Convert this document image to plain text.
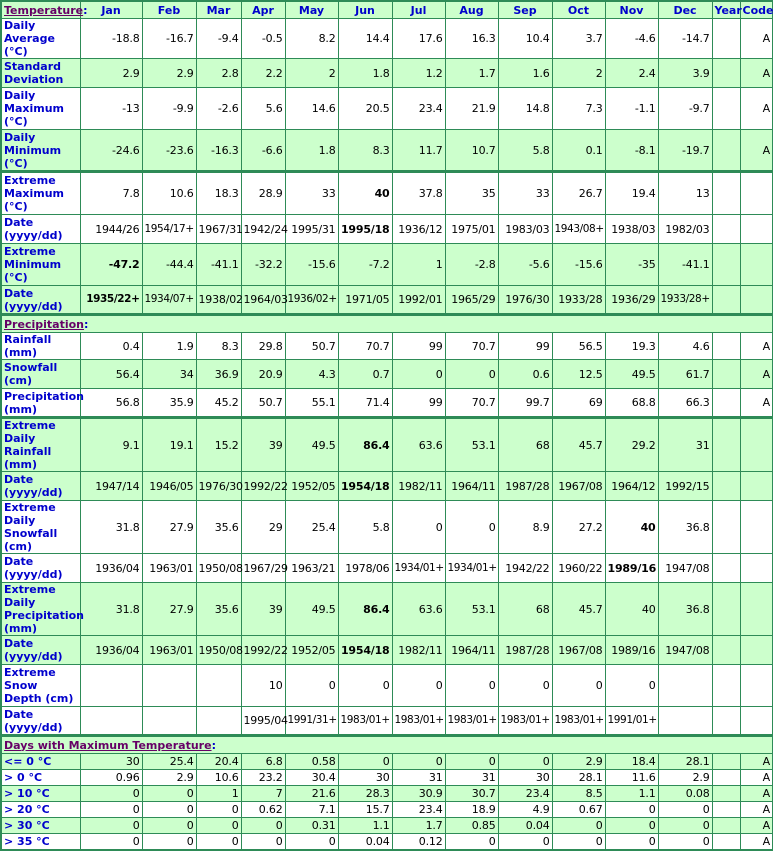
Temperature:	Jan	Feb	Mar	Apr	May	Jun	Jul	Aug	Sep	Oct	Nov	Dec	Year	Code
Daily Average (°C)	-18.8	-16.7	-9.4	-0.5	8.2	14.4	17.6	16.3	10.4	3.7	-4.6	-14.7		A
Standard Deviation	2.9	2.9	2.8	2.2	2	1.8	1.2	1.7	1.6	2	2.4	3.9		A
Daily Maximum (°C)	-13	-9.9	-2.6	5.6	14.6	20.5	23.4	21.9	14.8	7.3	-1.1	-9.7		A
Daily Minimum (°C)	-24.6	-23.6	-16.3	-6.6	1.8	8.3	11.7	10.7	5.8	0.1	-8.1	-19.7		A
Extreme Maximum (°C)	7.8	10.6	18.3	28.9	33	40	37.8	35	33	26.7	19.4	13		
Date (yyyy/dd)	1944/26	1954/17+	1967/31	1942/24	1995/31	1995/18	1936/12	1975/01	1983/03	1943/08+	1938/03	1982/03		
Extreme Minimum (°C)	-47.2	-44.4	-41.1	-32.2	-15.6	-7.2	1	-2.8	-5.6	-15.6	-35	-41.1		
Date (yyyy/dd)	1935/22+	1934/07+	1938/02	1964/03	1936/02+	1971/05	1992/01	1965/29	1976/30	1933/28	1936/29	1933/28+		
Precipitation:														
Rainfall (mm)	0.4	1.9	8.3	29.8	50.7	70.7	99	70.7	99	56.5	19.3	4.6		A
Snowfall (cm)	56.4	34	36.9	20.9	4.3	0.7	0	0	0.6	12.5	49.5	61.7		A
Precipitation (mm)	56.8	35.9	45.2	50.7	55.1	71.4	99	70.7	99.7	69	68.8	66.3		A
Extreme Daily Rainfall (mm)	9.1	19.1	15.2	39	49.5	86.4	63.6	53.1	68	45.7	29.2	31		
Date (yyyy/dd)	1947/14	1946/05	1976/30	1992/22	1952/05	1954/18	1982/11	1964/11	1987/28	1967/08	1964/12	1992/15		
Extreme Daily Snowfall (cm)	31.8	27.9	35.6	29	25.4	5.8	0	0	8.9	27.2	40	36.8		
Date (yyyy/dd)	1936/04	1963/01	1950/08	1967/29	1963/21	1978/06	1934/01+	1934/01+	1942/22	1960/22	1989/16	1947/08		
Extreme Daily Precipitation (mm)	31.8	27.9	35.6	39	49.5	86.4	63.6	53.1	68	45.7	40	36.8		
Date (yyyy/dd)	1936/04	1963/01	1950/08	1992/22	1952/05	1954/18	1982/11	1964/11	1987/28	1967/08	1989/16	1947/08		
Extreme Snow Depth (cm)				10	0	0	0	0	0	0	0			
Date (yyyy/dd)				1995/04	1991/31+	1983/01+	1983/01+	1983/01+	1983/01+	1983/01+	1991/01+			
Days with Maximum Temperature:														
<= 0 °C	30	25.4	20.4	6.8	0.58	0	0	0	0	2.9	18.4	28.1		A
> 0 °C	0.96	2.9	10.6	23.2	30.4	30	31	31	30	28.1	11.6	2.9		A
> 10 °C	0	0	1	7	21.6	28.3	30.9	30.7	23.4	8.5	1.1	0.08		A
> 20 °C	0	0	0	0.62	7.1	15.7	23.4	18.9	4.9	0.67	0	0		A
> 30 °C	0	0	0	0	0.31	1.1	1.7	0.85	0.04	0	0	0		A
> 35 °C	0	0	0	0	0	0.04	0.12	0	0	0	0	0		A
